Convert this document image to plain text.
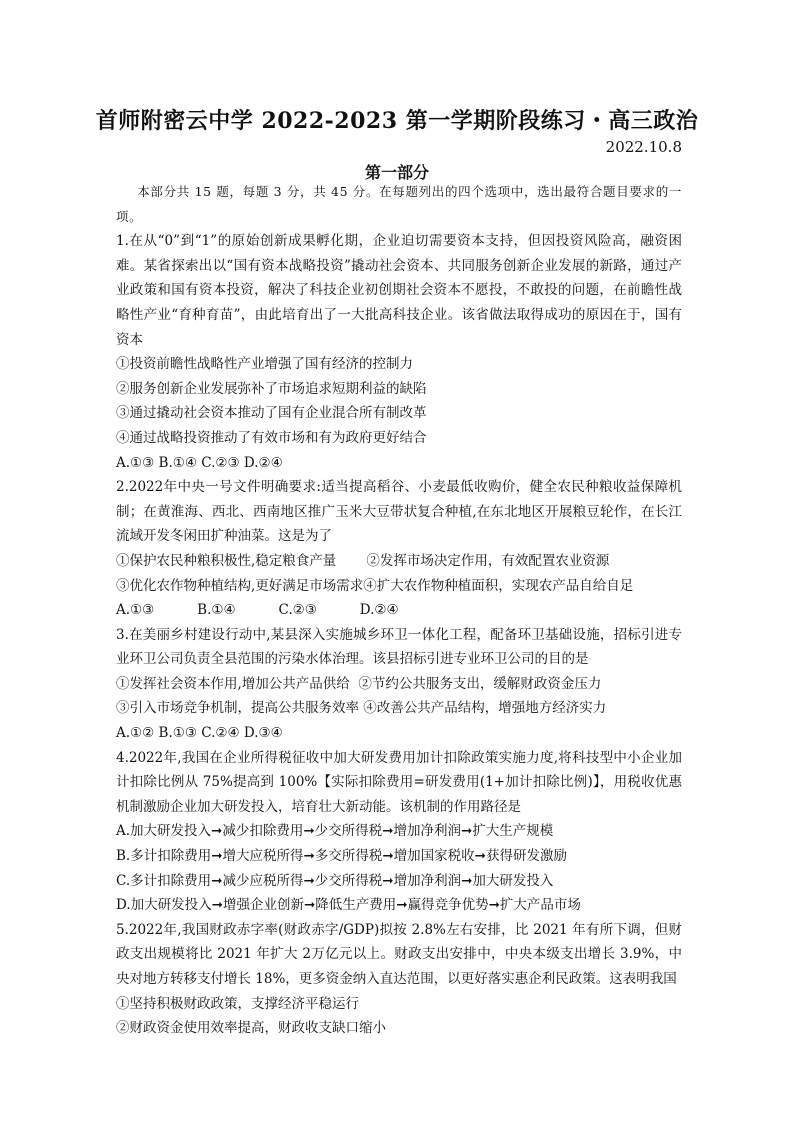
首师附密云中学 2022-2023 第一学期阶段练习・高三政治
2022.10.8
第一部分

本部分共 15 题，每题 3 分，共 45 分。在每题列出的四个选项中，选出最符合题目要求的一项。

1.在从“0”到“1”的原始创新成果孵化期，企业迫切需要资本支持，但因投资风险高，融资困难。某省探索出以“国有资本战略投资”撬动社会资本、共同服务创新企业发展的新路，通过产业政策和国有资本投资，解决了科技企业初创期社会资本不愿投，不敢投的问题，在前瞻性战略性产业“育种育苗”，由此培育出了一大批高科技企业。该省做法取得成功的原因在于，国有资本

①投资前瞻性战略性产业增强了国有经济的控制力

②服务创新企业发展弥补了市场追求短期利益的缺陷

③通过撬动社会资本推动了国有企业混合所有制改革

④通过战略投资推动了有效市场和有为政府更好结合

A.①③ B.①④ C.②③ D.②④

2.2022年中央一号文件明确要求:适当提高稻谷、小麦最低收购价，健全农民种粮收益保障机制；在黄淮海、西北、西南地区推广玉米大豆带状复合种植,在东北地区开展粮豆轮作，在长江流域开发冬闲田扩种油菜。这是为了

①保护农民种粮积极性,稳定粮食产量       ②发挥市场决定作用，有效配置农业资源

③优化农作物种植结构,更好满足市场需求④扩大农作物种植面积，实现农产品自给自足

A.①③          B.①④          C.②③          D.②④

3.在美丽乡村建设行动中,某县深入实施城乡环卫一体化工程，配备环卫基础设施，招标引进专业环卫公司负责全县范围的污染水体治理。该县招标引进专业环卫公司的目的是

①发挥社会资本作用,增加公共产品供给  ②节约公共服务支出，缓解财政资金压力

③引入市场竞争机制，提高公共服务效率 ④改善公共产品结构，增强地方经济实力

A.①② B.①③ C.②④ D.③④

4.2022年,我国在企业所得税征收中加大研发费用加计扣除政策实施力度,将科技型中小企业加计扣除比例从 75%提高到 100%【实际扣除费用=研发费用(1+加计扣除比例)】，用税收优惠机制激励企业加大研发投入，培育壮大新动能。该机制的作用路径是

A.加大研发投入➞减少扣除费用➞少交所得税➞增加净利润➞扩大生产规模

B.多计扣除费用➞增大应税所得➞多交所得税➞增加国家税收➞获得研发激励

C.多计扣除费用➞减少应税所得➞少交所得税➞增加净利润➞加大研发投入

D.加大研发投入➞增强企业创新➞降低生产费用➞赢得竞争优势➞扩大产品市场

5.2022年,我国财政赤字率(财政赤字/GDP)拟按 2.8%左右安排，比 2021 年有所下调，但财政支出规模将比 2021 年扩大 2万亿元以上。财政支出安排中，中央本级支出增长 3.9%，中央对地方转移支付增长 18%，更多资金纳入直达范围，以更好落实惠企利民政策。这表明我国

①坚持积极财政政策，支撑经济平稳运行

②财政资金使用效率提高，财政收支缺口缩小
